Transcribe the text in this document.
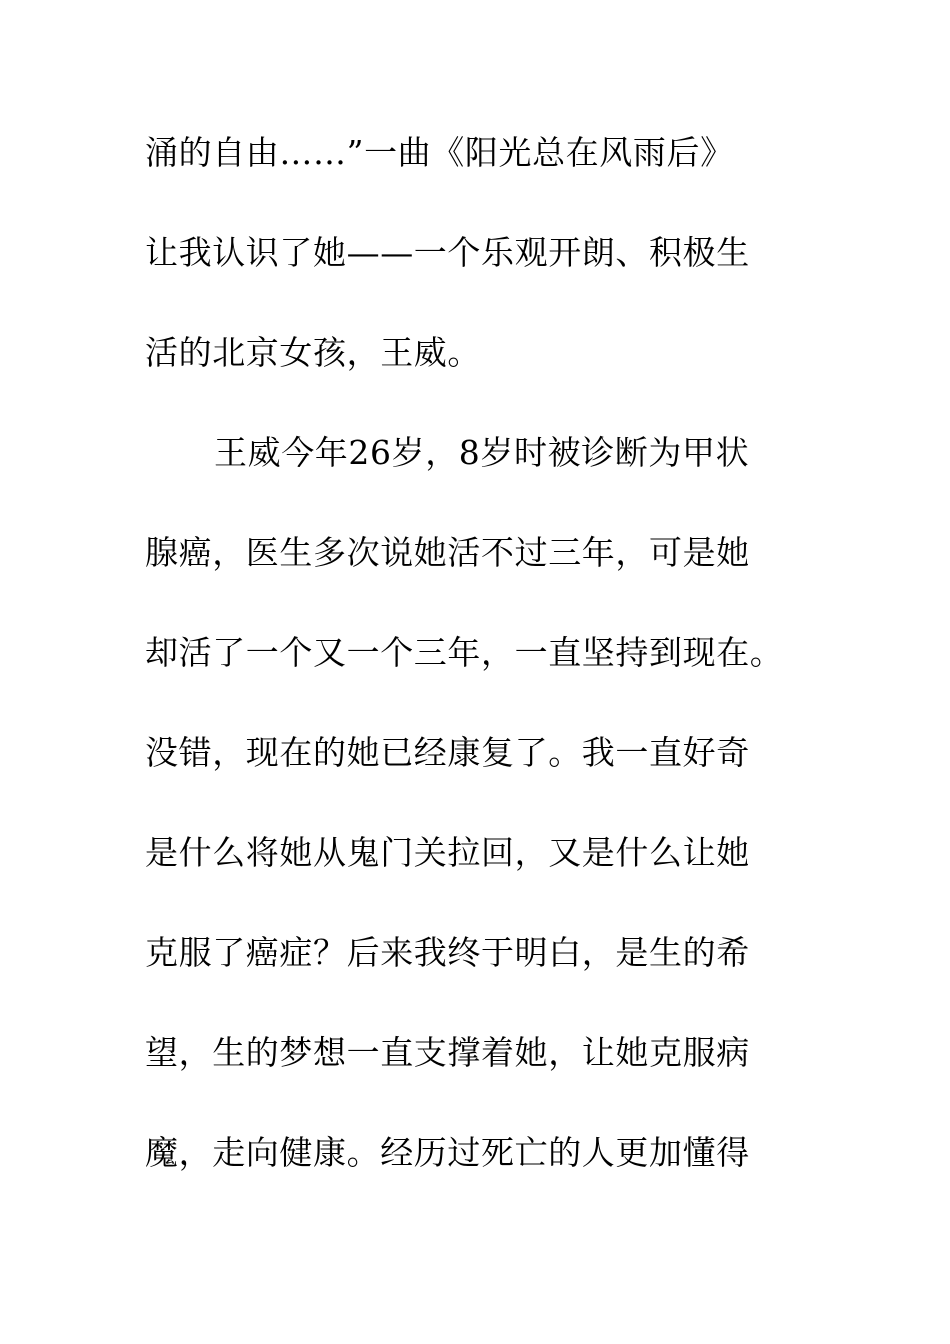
涌的自由……”一曲《阳光总在风雨后》
让我认识了她——一个乐观开朗、积极生
活的北京女孩，王威。
王威今年26岁，8岁时被诊断为甲状
腺癌，医生多次说她活不过三年，可是她
却活了一个又一个三年，一直坚持到现在。
没错，现在的她已经康复了。我一直好奇
是什么将她从鬼门关拉回，又是什么让她
克服了癌症？后来我终于明白，是生的希
望，生的梦想一直支撑着她，让她克服病
魔，走向健康。经历过死亡的人更加懂得
